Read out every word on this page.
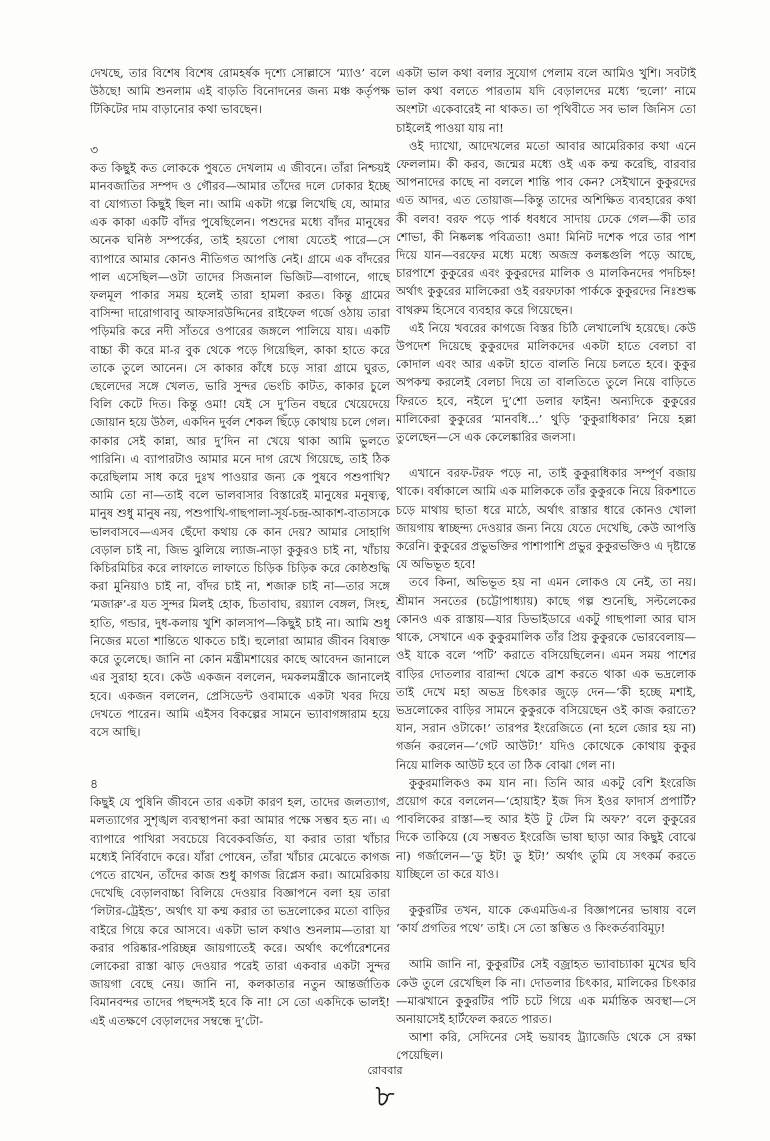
দেখছে, তার বিশেষ বিশেষ রোমহর্ষক দৃশ্যে সোল্লাসে ‘ম্যাও’ বলে উঠছে! আমি শুনলাম এই বাড়তি বিনোদনের জন্য মঞ্চ কর্তৃপক্ষ টিকিটের দাম বাড়ানোর কথা ভাবছেন।

৩

কত কিছুই কত লোককে পুষতে দেখলাম এ জীবনে। তাঁরা নিশ্চয়ই মানবজাতির সম্পদ ও গৌরব—আমার তাঁদের দলে ঢোকার ইচ্ছে বা যোগ্যতা কিছুই ছিল না। আমি একটা গল্পে লিখেছি যে, আমার এক কাকা একটি বাঁদর পুষেছিলেন। পশুদের মধ্যে বাঁদর মানুষের অনেক ঘনিষ্ঠ সম্পর্কের, তাই হয়তো পোষা যেতেই পারে—সে ব্যাপারে আমার কোনও নীতিগত আপত্তি নেই। গ্রামে এক বাঁদরের পাল এসেছিল—ওটা তাদের সিজনাল ভিজিট—বাগানে, গাছে ফলমূল পাকার সময় হলেই তারা হামলা করত। কিন্তু গ্রামের বাসিন্দা দারোগাবাবু আফসারউদ্দিনের রাইফেল গর্জে ওঠায় তারা পড়িমরি করে নদী সাঁতরে ওপারের জঙ্গলে পালিয়ে যায়। একটি বাচ্চা কী করে মা-র বুক থেকে পড়ে গিয়েছিল, কাকা হাতে করে তাকে তুলে আনেন। সে কাকার কাঁধে চড়ে সারা গ্রামে ঘুরত, ছেলেদের সঙ্গে খেলত, ভারি সুন্দর ভেংচি কাটত, কাকার চুলে বিলি কেটে দিত। কিন্তু ওমা! যেই সে দু’তিন বছরে খেয়েদেয়ে জোয়ান হয়ে উঠল, একদিন দুর্বল শেকল ছিঁড়ে কোথায় চলে গেল। কাকার সেই কান্না, আর দু’দিন না খেয়ে থাকা আমি ভুলতে পারিনি। এ ব্যাপারটাও আমার মনে দাগ রেখে গিয়েছে, তাই ঠিক করেছিলাম সাধ করে দুঃখ পাওয়ার জন্য কে পুষবে পশুপাখি? আমি তো না—তাই বলে ভালবাসার বিস্তারেই মানুষের মনুষ্যত্ব, মানুষ শুধু মানুষ নয়, পশুপাখি-গাছপালা-সূর্য-চন্দ্র-আকাশ-বাতাসকে ভালবাসবে—এসব ছেঁদো কথায় কে কান দেয়? আমার সোহাগি বেড়াল চাই না, জিভ ঝুলিয়ে ল্যাজ-নাড়া কুকুরও চাই না, খাঁচায় কিচিরমিচির করে লাফাতে লাফাতে চিড়িক চিড়িক করে কোষ্ঠশুদ্ধি করা মুনিয়াও চাই না, বাঁদর চাই না, শজারু চাই না—তার সঙ্গে ‘মজারু’-র যত সুন্দর মিলই হোক, চিতাবাঘ, রয়্যাল বেঙ্গল, সিংহ, হাতি, গন্ডার, দুধ-কলায় খুশি কালসাপ—কিছুই চাই না। আমি শুধু নিজের মতো শান্তিতে থাকতে চাই। হুলোরা আমার জীবন বিষাক্ত করে তুলেছে। জানি না কোন মন্ত্রীমশায়ের কাছে আবেদন জানালে এর সুরাহা হবে। কেউ একজন বললেন, দমকলমন্ত্রীকে জানালেই হবে। একজন বললেন, প্রেসিডেন্ট ওবামাকে একটা খবর দিয়ে দেখতে পারেন। আমি এইসব বিকল্পের সামনে ভ্যাবাগঙ্গারাম হয়ে বসে আছি।

৪

কিছুই যে পুষিনি জীবনে তার একটা কারণ হল, তাদের জলত্যাগ, মলত্যাগের সুশৃঙ্খল ব্যবস্থাপনা করা আমার পক্ষে সম্ভব হত না। এ ব্যাপারে পাখিরা সবচেয়ে বিবেকবর্জিত, যা করার তারা খাঁচার মধ্যেই নির্বিবাদে করে। যাঁরা পোষেন, তাঁরা খাঁচার মেঝেতে কাগজ পেতে রাখেন, তাঁদের কাজ শুধু কাগজ রিপ্লেস করা। আমেরিকায় দেখেছি বেড়ালবাচ্চা বিলিয়ে দেওয়ার বিজ্ঞাপনে বলা হয় তারা ‘লিটার-ট্রেইন্ড’, অর্থাৎ যা কম্ম করার তা ভদ্রলোকের মতো বাড়ির বাইরে গিয়ে করে আসবে। একটা ভাল কথাও শুনলাম—তারা যা করার পরিষ্কার-পরিচ্ছন্ন জায়গাতেই করে। অর্থাৎ কর্পোরেশনের লোকেরা রাস্তা ঝাড় দেওয়ার পরেই তারা একবার একটা সুন্দর জায়গা বেছে নেয়। জানি না, কলকাতার নতুন আন্তর্জাতিক বিমানবন্দর তাদের পছন্দসই হবে কি না! সে তো একদিকে ভালই! এই এতক্ষণে বেড়ালদের সম্বন্ধে দু’টো-

একটা ভাল কথা বলার সুযোগ পেলাম বলে আমিও খুশি। সবটাই ভাল কথা বলতে পারতাম যদি বেড়ালদের মধ্যে ‘হুলো’ নামে অংশটা একেবারেই না থাকত। তা পৃথিবীতে সব ভাল জিনিস তো চাইলেই পাওয়া যায় না!

ওই দ্যাখো, আদেখলের মতো আবার আমেরিকার কথা এনে ফেললাম। কী করব, জন্মের মধ্যে ওই এক কম্ম করেছি, বারবার আপনাদের কাছে না বললে শান্তি পাব কেন? সেইখানে কুকুরদের এত আদর, এত তোয়াজ—কিন্তু তাদের অশিক্ষিত ব্যবহারের কথা কী বলব! বরফ পড়ে পার্ক ধবধবে সাদায় ঢেকে গেল—কী তার শোভা, কী নিষ্কলঙ্ক পবিত্রতা! ওমা! মিনিট দশেক পরে তার পাশ দিয়ে যান—বরফের মধ্যে মধ্যে অজস্র কলঙ্কগুলি পড়ে আছে, চারপাশে কুকুরের এবং কুকুরদের মালিক ও মালকিনদের পদচিহ্ন! অর্থাৎ কুকুরের মালিকেরা ওই বরফঢাকা পার্ককে কুকুরদের নিঃশুল্ক বাথরুম হিসেবে ব্যবহার করে গিয়েছেন।

এই নিয়ে খবরের কাগজে বিস্তর চিঠি লেখালেখি হয়েছে। কেউ উপদেশ দিয়েছে কুকুরদের মালিকদের একটা হাতে বেলচা বা কোদাল এবং আর একটা হাতে বালতি নিয়ে চলতে হবে। কুকুর অপকম্ম করলেই বেলচা দিয়ে তা বালতিতে তুলে নিয়ে বাড়িতে ফিরতে হবে, নইলে দু’শো ডলার ফাইন! অন্যদিকে কুকুরের মালিকেরা কুকুরের ‘মানবধি...’ থুড়ি ‘কুকুরাধিকার’ নিয়ে হল্লা তুলেছেন—সে এক কেলেঙ্কারির জলসা।

এখানে বরফ-টরফ পড়ে না, তাই কুকুরাধিকার সম্পূর্ণ বজায় থাকে। বর্ষাকালে আমি এক মালিককে তাঁর কুকুরকে নিয়ে রিকশাতে চড়ে মাথায় ছাতা ধরে মাঠে, অর্থাৎ রাস্তার ধারে কোনও খোলা জায়গায় স্বাচ্ছন্দ্য দেওয়ার জন্য নিয়ে যেতে দেখেছি, কেউ আপত্তি করেনি। কুকুরের প্রভুভক্তির পাশাপাশি প্রভুর কুকুরভক্তিও এ দৃষ্টান্তে যে অভিভূত হবে!

তবে কিনা, অভিভূত হয় না এমন লোকও যে নেই, তা নয়। শ্রীমান সনতের (চট্টোপাধ্যায়) কাছে গল্প শুনেছি, সল্টলেকের কোনও এক রাস্তায়—যার ডিভাইডারে একটু গাছপালা আর ঘাস থাকে, সেখানে এক কুকুরমালিক তাঁর প্রিয় কুকুরকে ভোরবেলায়—ওই যাকে বলে ‘পটি’ করাতে বসিয়েছিলেন। এমন সময় পাশের বাড়ির দোতলার বারান্দা থেকে ব্রাশ করতে থাকা এক ভদ্রলোক তাই দেখে মহা অভদ্র চিৎকার জুড়ে দেন—‘কী হচ্ছে মশাই, ভদ্রলোকের বাড়ির সামনে কুকুরকে বসিয়েছেন ওই কাজ করাতে? যান, সরান ওটাকে!’ তারপর ইংরেজিতে (না হলে জোর হয় না) গর্জন করলেন—‘গেট আউট!’ যদিও কোথেকে কোথায় কুকুর নিয়ে মালিক আউট হবে তা ঠিক বোঝা গেল না।

কুকুরমালিকও কম যান না। তিনি আর একটু বেশি ইংরেজি প্রয়োগ করে বললেন—‘হোয়াই? ইজ দিস ইওর ফাদার্স প্রপার্টি? পাবলিকের রাস্তা—হু আর ইউ টু টেল মি অফ?’ বলে কুকুরের দিকে তাকিয়ে (যে সম্ভবত ইংরেজি ভাষা ছাড়া আর কিছুই বোঝে না) গর্জালেন—‘ডু ইট! ডু ইট!’ অর্থাৎ তুমি যে সৎকর্ম করতে যাচ্ছিলে তা করে যাও।

কুকুরটির তখন, যাকে কেএমডিএ-র বিজ্ঞাপনের ভাষায় বলে ‘কার্য প্রগতির পথে’ তাই। সে তো স্তম্ভিত ও কিংকর্তব্যবিমূঢ়!

আমি জানি না, কুকুরটির সেই বজ্রাহত ভ্যাবাচ্যাকা মুখের ছবি কেউ তুলে রেখেছিল কি না। দোতলার চিৎকার, মালিকের চিৎকার—মাঝখানে কুকুরটির পটি চটে গিয়ে এক মর্মান্তিক অবস্থা—সে অনায়াসেই হার্টফেল করতে পারত।

আশা করি, সেদিনের সেই ভয়াবহ ট্র্যাজেডি থেকে সে রক্ষা পেয়েছিল।

রোববার
৮
